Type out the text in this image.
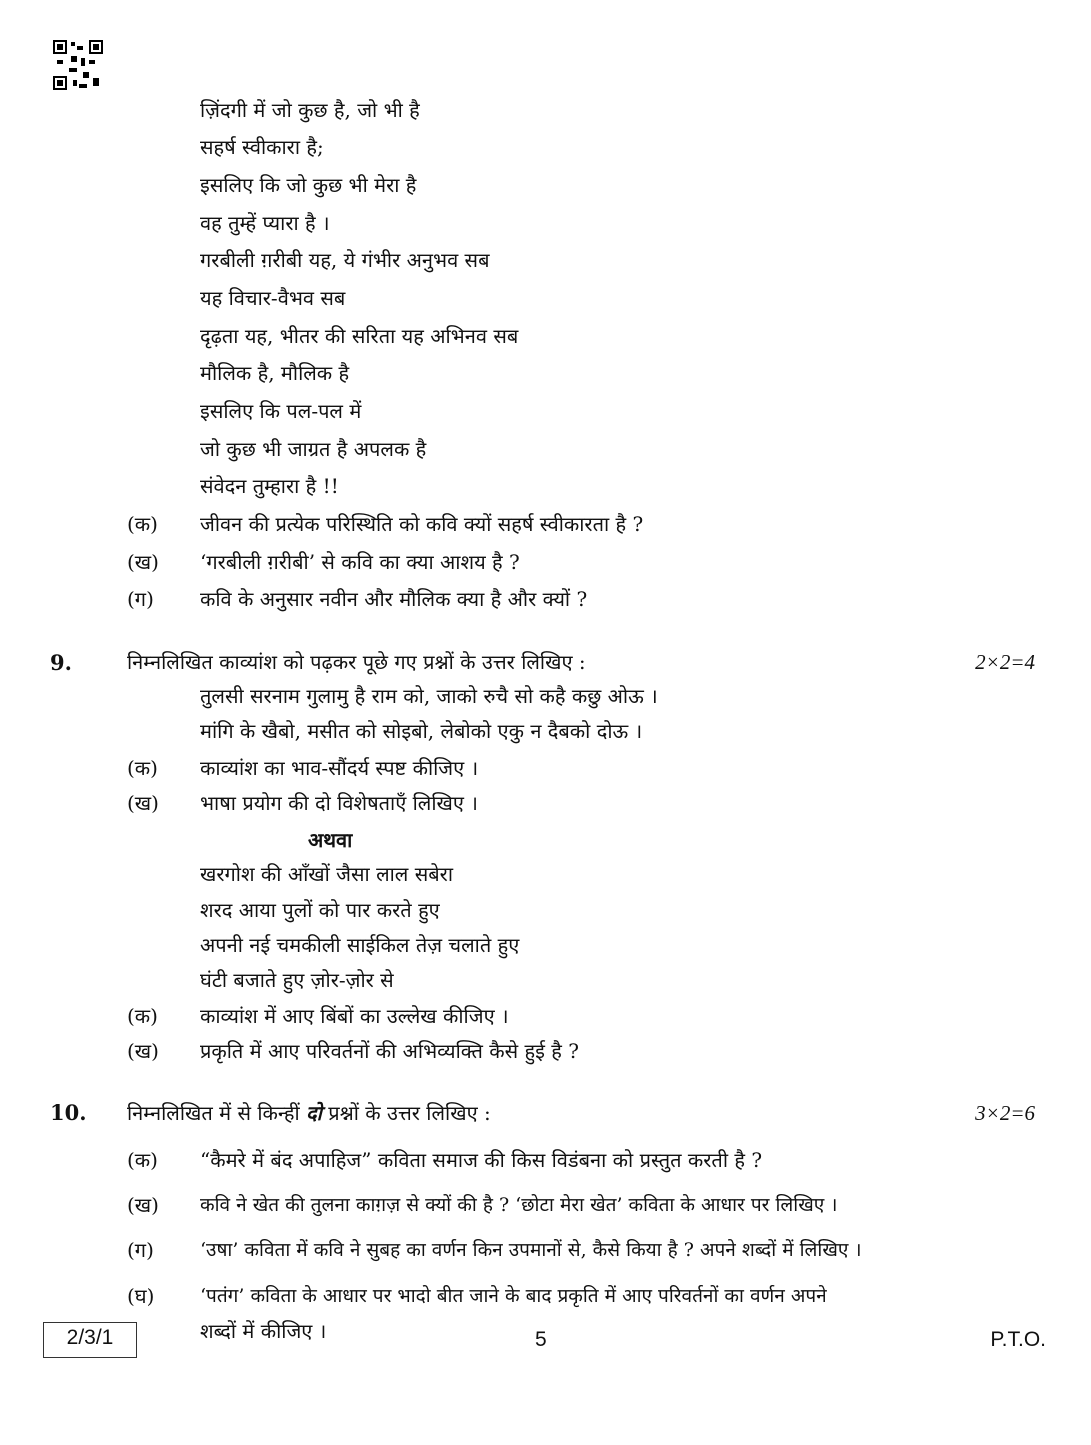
ज़िंदगी में जो कुछ है, जो भी है
सहर्ष स्वीकारा है;
इसलिए कि जो कुछ भी मेरा है
वह तुम्हें प्यारा है ।
गरबीली ग़रीबी यह, ये गंभीर अनुभव सब
यह विचार-वैभव सब
दृढ़ता यह, भीतर की सरिता यह अभिनव सब
मौलिक है, मौलिक है
इसलिए कि पल-पल में
जो कुछ भी जाग्रत है अपलक है
संवेदन तुम्हारा है !!
(क) जीवन की प्रत्येक परिस्थिति को कवि क्यों सहर्ष स्वीकारता है ?
(ख) ‘गरबीली ग़रीबी’ से कवि का क्या आशय है ?
(ग) कवि के अनुसार नवीन और मौलिक क्या है और क्यों ?
9.	निम्नलिखित काव्यांश को पढ़कर पूछे गए प्रश्नों के उत्तर लिखिए :	2×2=4
तुलसी सरनाम गुलामु है राम को, जाको रुचै सो कहै कछु ओऊ ।
मांगि के खैबो, मसीत को सोइबो, लेबोको एकु न दैबको दोऊ ।
(क) काव्यांश का भाव-सौंदर्य स्पष्ट कीजिए ।
(ख) भाषा प्रयोग की दो विशेषताएँ लिखिए ।
अथवा
खरगोश की आँखों जैसा लाल सबेरा
शरद आया पुलों को पार करते हुए
अपनी नई चमकीली साईकिल तेज़ चलाते हुए
घंटी बजाते हुए ज़ोर-ज़ोर से
(क) काव्यांश में आए बिंबों का उल्लेख कीजिए ।
(ख) प्रकृति में आए परिवर्तनों की अभिव्यक्ति कैसे हुई है ?
10. निम्नलिखित में से किन्हीं दो प्रश्नों के उत्तर लिखिए :	3×2=6
(क) “कैमरे में बंद अपाहिज” कविता समाज की किस विडंबना को प्रस्तुत करती है ?
(ख) कवि ने खेत की तुलना काग़ज़ से क्यों की है ? ‘छोटा मेरा खेत’ कविता के आधार पर लिखिए ।
(ग) ‘उषा’ कविता में कवि ने सुबह का वर्णन किन उपमानों से, कैसे किया है ? अपने शब्दों में लिखिए ।
(घ) ‘पतंग’ कविता के आधार पर भादो बीत जाने के बाद प्रकृति में आए परिवर्तनों का वर्णन अपने
शब्दों में कीजिए ।
2/3/1	5	P.T.O.
